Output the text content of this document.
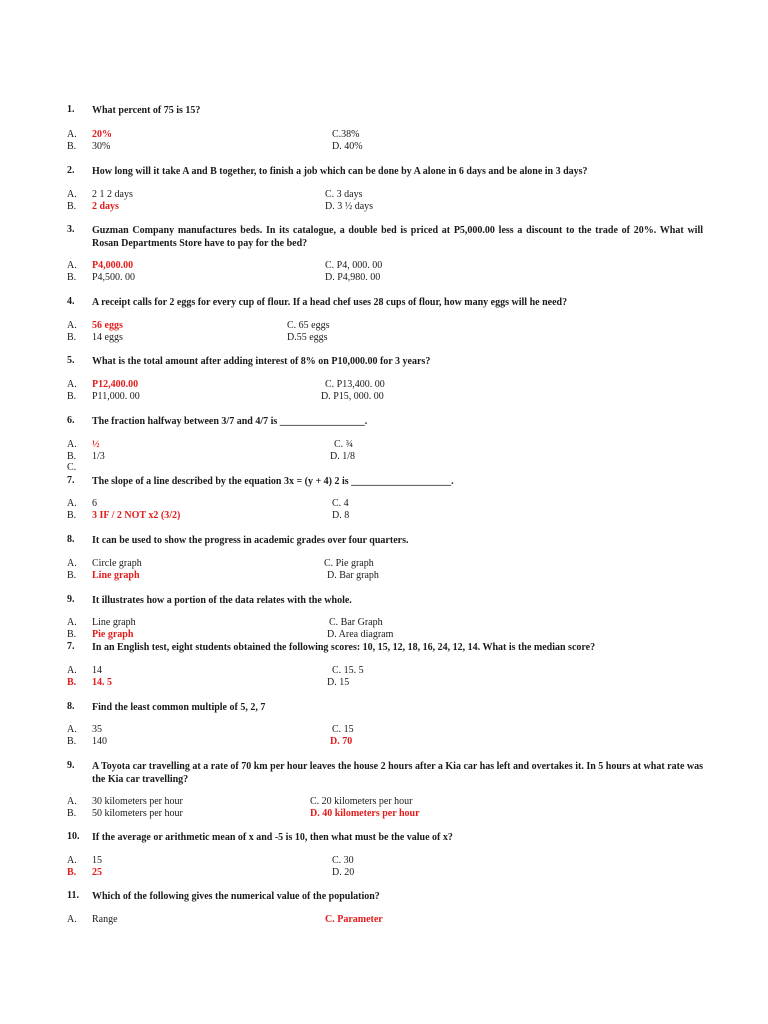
1. What percent of 75 is 15?
A. 20%	C.38%
B. 30%	D. 40%
2. How long will it take A and B together, to finish a job which can be done by A alone in 6 days and be alone in 3 days?
A. 2 1 2 days	C. 3 days
B. 2 days	D. 3 ½ days
3. Guzman Company manufactures beds. In its catalogue, a double bed is priced at P5,000.00 less a discount to the trade of 20%. What will Rosan Departments Store have to pay for the bed?
A. P4,000.00	C. P4, 000. 00
B. P4,500. 00	D. P4,980. 00
4. A receipt calls for 2 eggs for every cup of flour. If a head chef uses 28 cups of flour, how many eggs will he need?
A. 56 eggs	C. 65 eggs
B. 14 eggs	D.55 eggs
5. What is the total amount after adding interest of 8% on P10,000.00 for 3 years?
A. P12,400.00	C. P13,400. 00
B. P11,000. 00	D. P15, 000. 00
6. The fraction halfway between 3/7 and 4/7 is _________________.
A. ½	C. ¾
B. 1/3	D. 1/8
C.
7. The slope of a line described by the equation 3x = (y + 4) 2 is ____________________.
A. 6	C. 4
B. 3 IF / 2 NOT x2 (3/2)	D. 8
8. It can be used to show the progress in academic grades over four quarters.
A. Circle graph	C. Pie graph
B. Line graph	D. Bar graph
9. It illustrates how a portion of the data relates with the whole.
A. Line graph	C. Bar Graph
B. Pie graph	D. Area diagram
7. In an English test, eight students obtained the following scores: 10, 15, 12, 18, 16, 24, 12, 14. What is the median score?
A. 14	C. 15. 5
B. 14. 5	D. 15
8. Find the least common multiple of 5, 2, 7
A. 35	C. 15
B. 140	D. 70
9. A Toyota car travelling at a rate of 70 km per hour leaves the house 2 hours after a Kia car has left and overtakes it. In 5 hours at what rate was the Kia car travelling?
A. 30 kilometers per hour	C. 20 kilometers per hour
B. 50 kilometers per hour	D. 40 kilometers per hour
10. If the average or arithmetic mean of x and -5 is 10, then what must be the value of x?
A. 15	C. 30
B. 25	D. 20
11. Which of the following gives the numerical value of the population?
A. Range	C. Parameter
